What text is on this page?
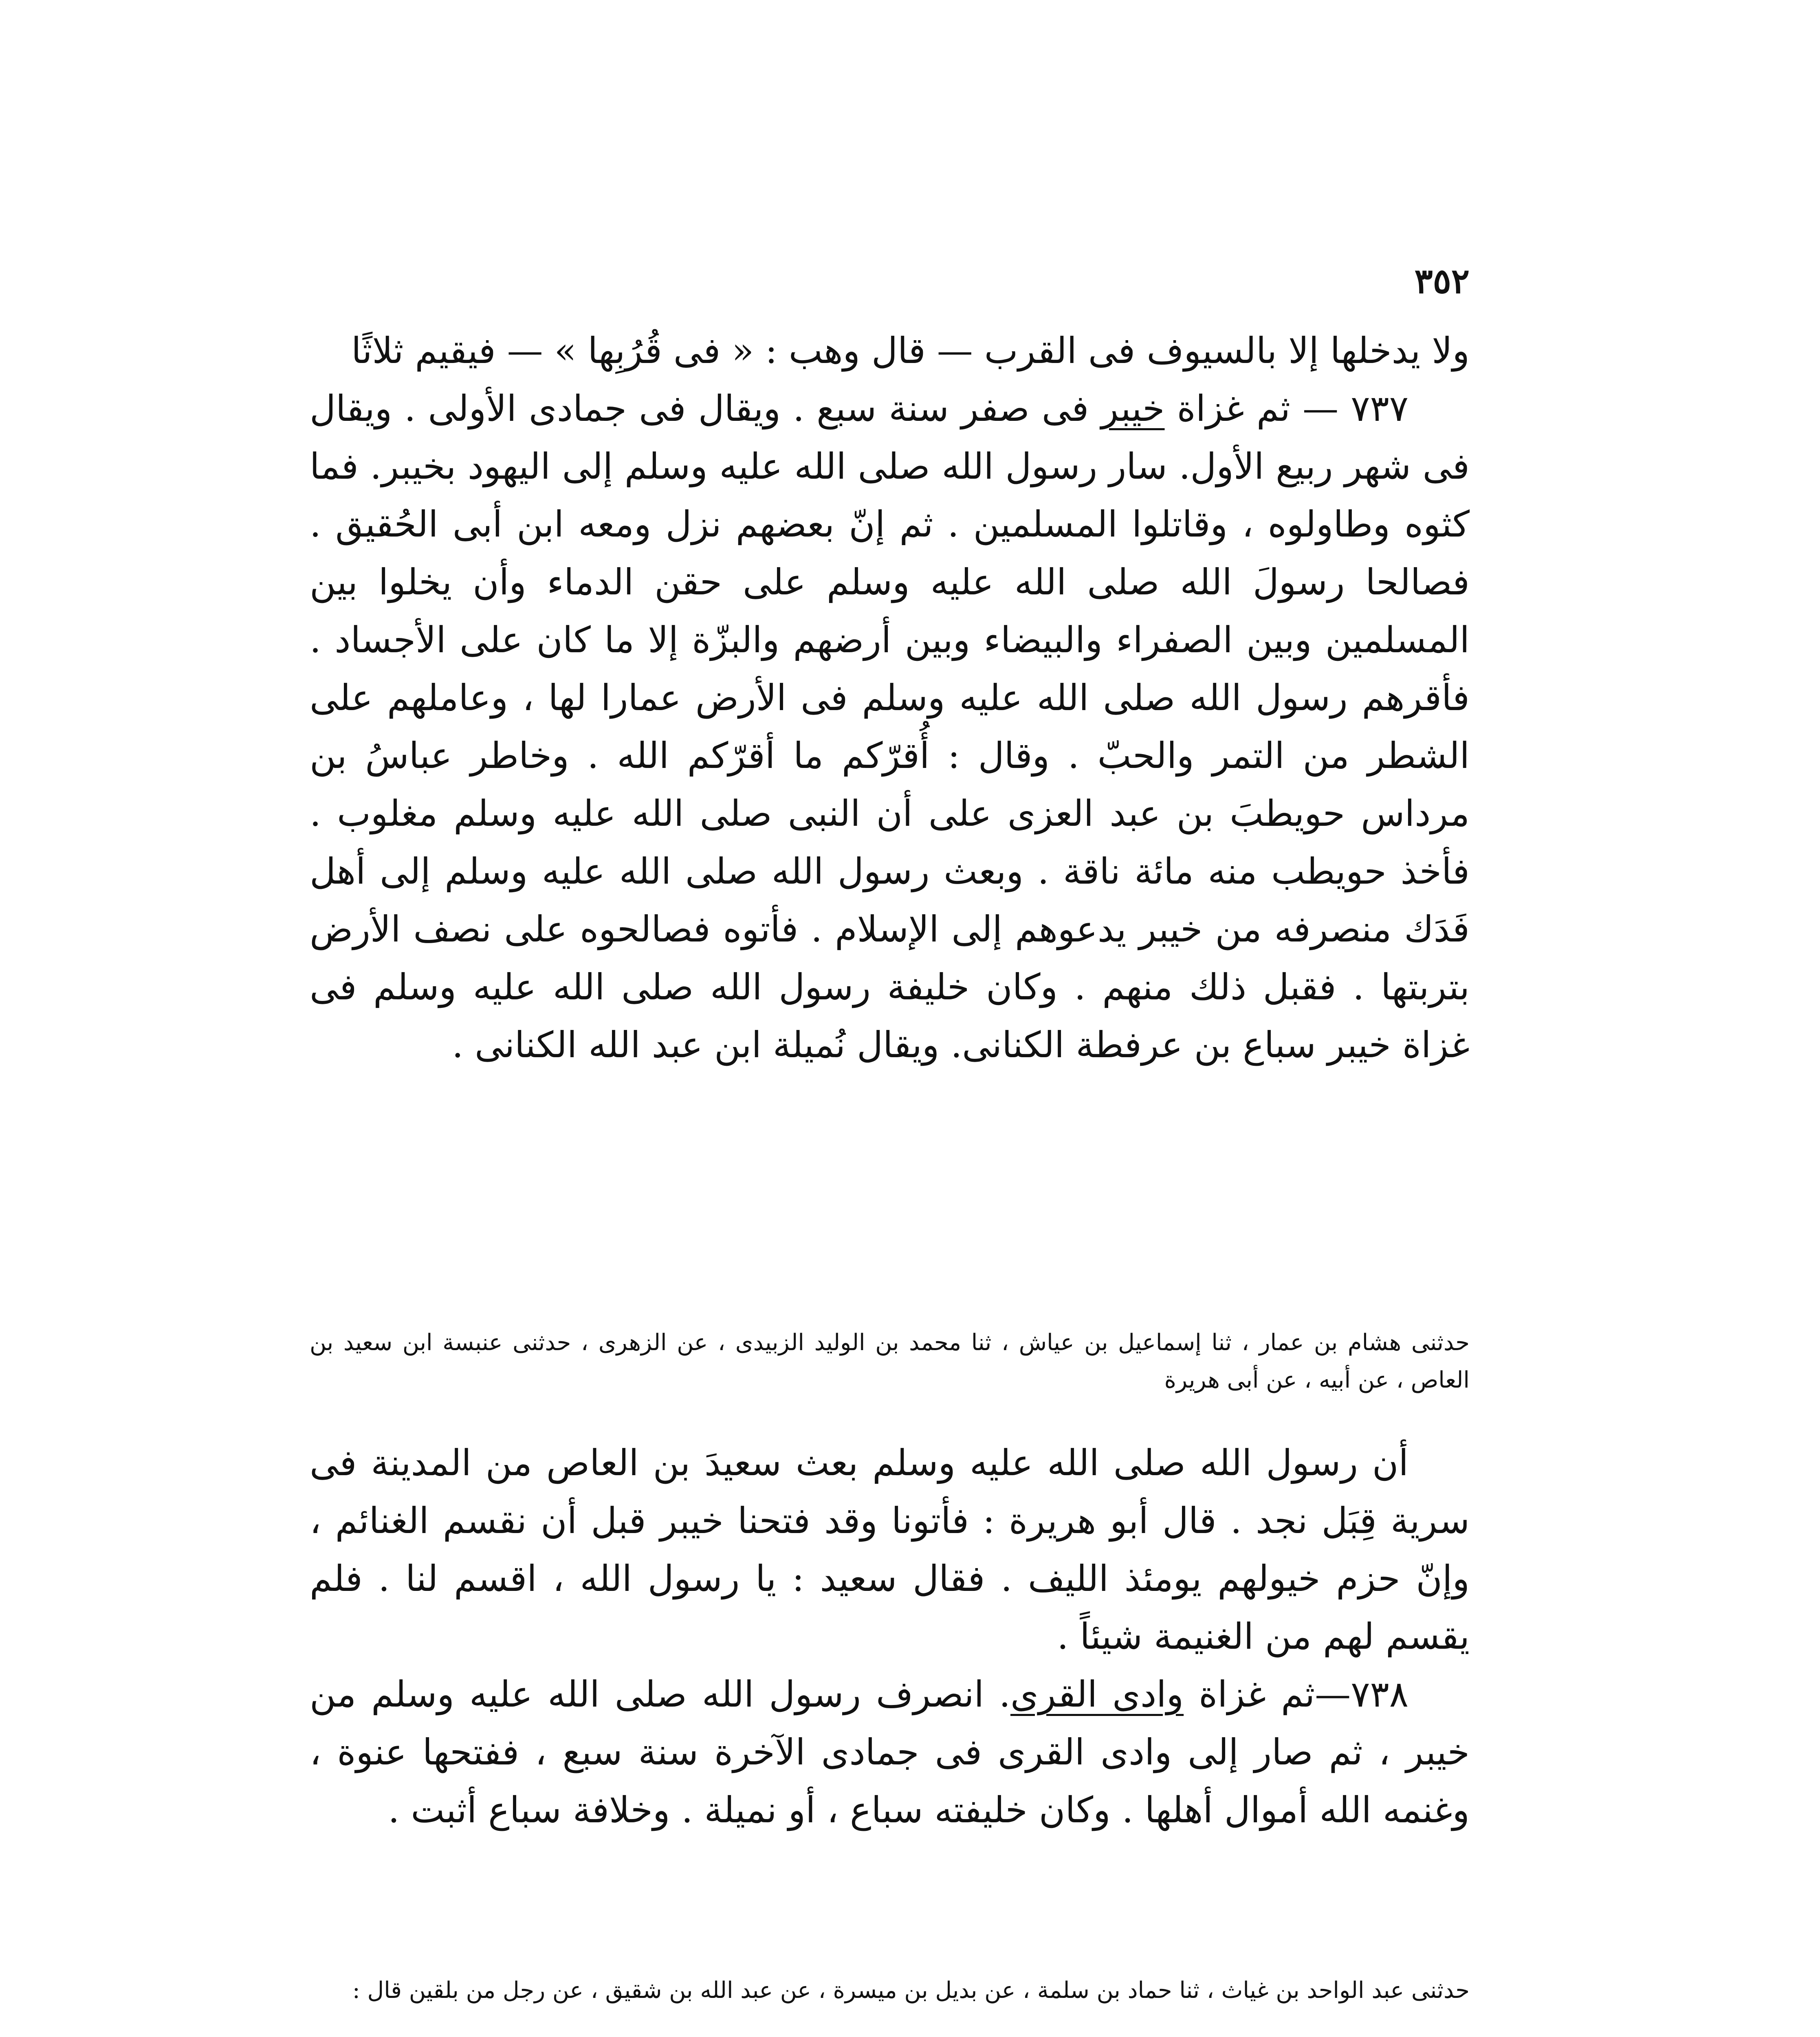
٣٥٢

ولا يدخلها إلا بالسيوف فى القرب — قال وهب : « فى قُرُبِها » — فيقيم ثلاثًا

٧٣٧ — ثم غزاة خيبر فى صفر سنة سبع . ويقال فى جمادى الأولى . ويقال فى شهر ربيع الأول. سار رسول الله صلى الله عليه وسلم إلى اليهود بخيبر. فما كثوه وطاولوه ، وقاتلوا المسلمين . ثم إنّ بعضهم نزل ومعه ابن أبى الحُقيق . فصالحا رسولَ الله صلى الله عليه وسلم على حقن الدماء وأن يخلوا بين المسلمين وبين الصفراء والبيضاء وبين أرضهم والبزّة إلا ما كان على الأجساد . فأقرهم رسول الله صلى الله عليه وسلم فى الأرض عمارا لها ، وعاملهم على الشطر من التمر والحبّ . وقال : أُقرّكم ما أقرّكم الله . وخاطر عباسُ بن مرداس حويطبَ بن عبد العزى على أن النبى صلى الله عليه وسلم مغلوب . فأخذ حويطب منه مائة ناقة . وبعث رسول الله صلى الله عليه وسلم إلى أهل فَدَك منصرفه من خيبر يدعوهم إلى الإسلام . فأتوه فصالحوه على نصف الأرض بتربتها . فقبل ذلك منهم . وكان خليفة رسول الله صلى الله عليه وسلم فى غزاة خيبر سباع بن عرفطة الكنانى. ويقال نُميلة ابن عبد الله الكنانى .

حدثنى هشام بن عمار ، ثنا إسماعيل بن عياش ، ثنا محمد بن الوليد الزبيدى ، عن الزهرى ، حدثنى عنبسة ابن سعيد بن العاص ، عن أبيه ، عن أبى هريرة

أن رسول الله صلى الله عليه وسلم بعث سعيدَ بن العاص من المدينة فى سرية قِبَل نجد . قال أبو هريرة : فأتونا وقد فتحنا خيبر قبل أن نقسم الغنائم ، وإنّ حزم خيولهم يومئذ الليف . فقال سعيد : يا رسول الله ، اقسم لنا . فلم يقسم لهم من الغنيمة شيئاً .

٧٣٨—ثم غزاة وادى القرى. انصرف رسول الله صلى الله عليه وسلم من خيبر ، ثم صار إلى وادى القرى فى جمادى الآخرة سنة سبع ، ففتحها عنوة ، وغنمه الله أموال أهلها . وكان خليفته سباع ، أو نميلة . وخلافة سباع أثبت .

حدثنى عبد الواحد بن غياث ، ثنا حماد بن سلمة ، عن بديل بن ميسرة ، عن عبد الله بن شقيق ، عن رجل من بلقين قال :
